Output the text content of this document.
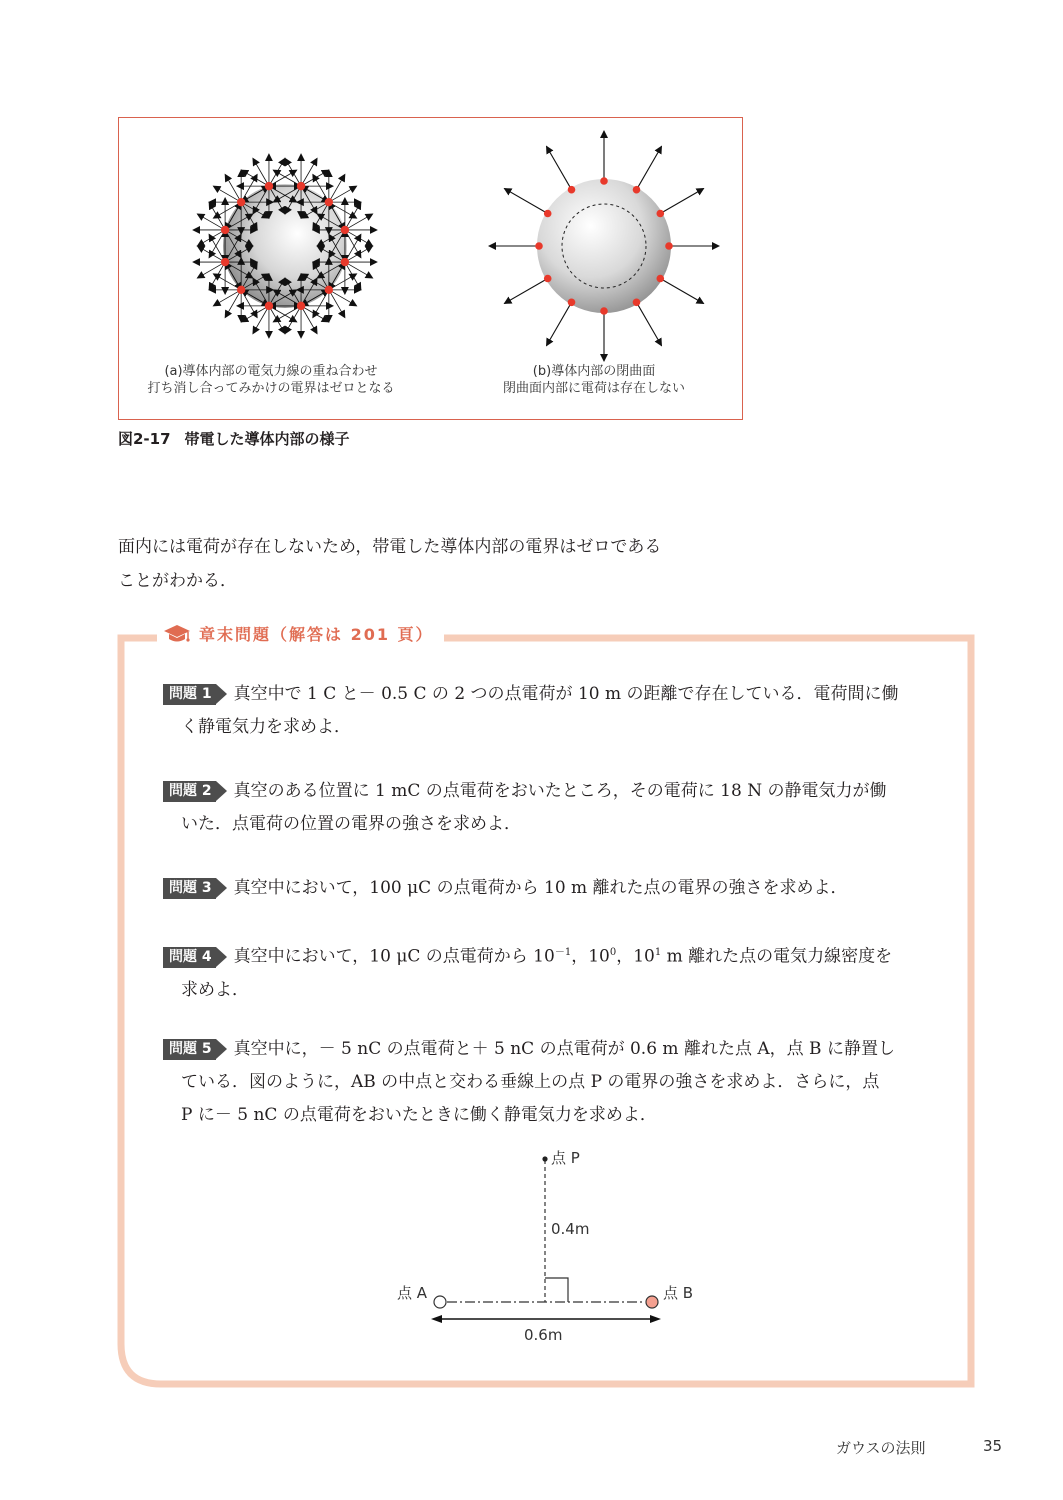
(a)導体内部の電気力線の重ね合わせ
打ち消し合ってみかけの電界はゼロとなる
(b)導体内部の閉曲面
閉曲面内部に電荷は存在しない
図2-17 帯電した導体内部の様子
面内には電荷が存在しないため，帯電した導体内部の電界はゼロである
ことがわかる．
章末問題（解答は 201 頁）
問題 1 真空中で 1 C と－ 0.5 C の 2 つの点電荷が 10 m の距離で存在している．電荷間に働
く静電気力を求めよ．
問題 2 真空のある位置に 1 mC の点電荷をおいたところ，その電荷に 18 N の静電気力が働
いた．点電荷の位置の電界の強さを求めよ．
問題 3 真空中において，100 μC の点電荷から 10 m 離れた点の電界の強さを求めよ．
問題 4 真空中において，10 μC の点電荷から $10^{-1}$，$10^0$，$10^1$ m 離れた点の電気力線密度を
求めよ．
問題 5 真空中に，－ 5 nC の点電荷と＋ 5 nC の点電荷が 0.6 m 離れた点 A，点 B に静置し
ている．図のように，AB の中点と交わる垂線上の点 P の電界の強さを求めよ．さらに，点
P に－ 5 nC の点電荷をおいたときに働く静電気力を求めよ．
点 P
0.4m
点 A	点 B
0.6m
ガウスの法則	35
